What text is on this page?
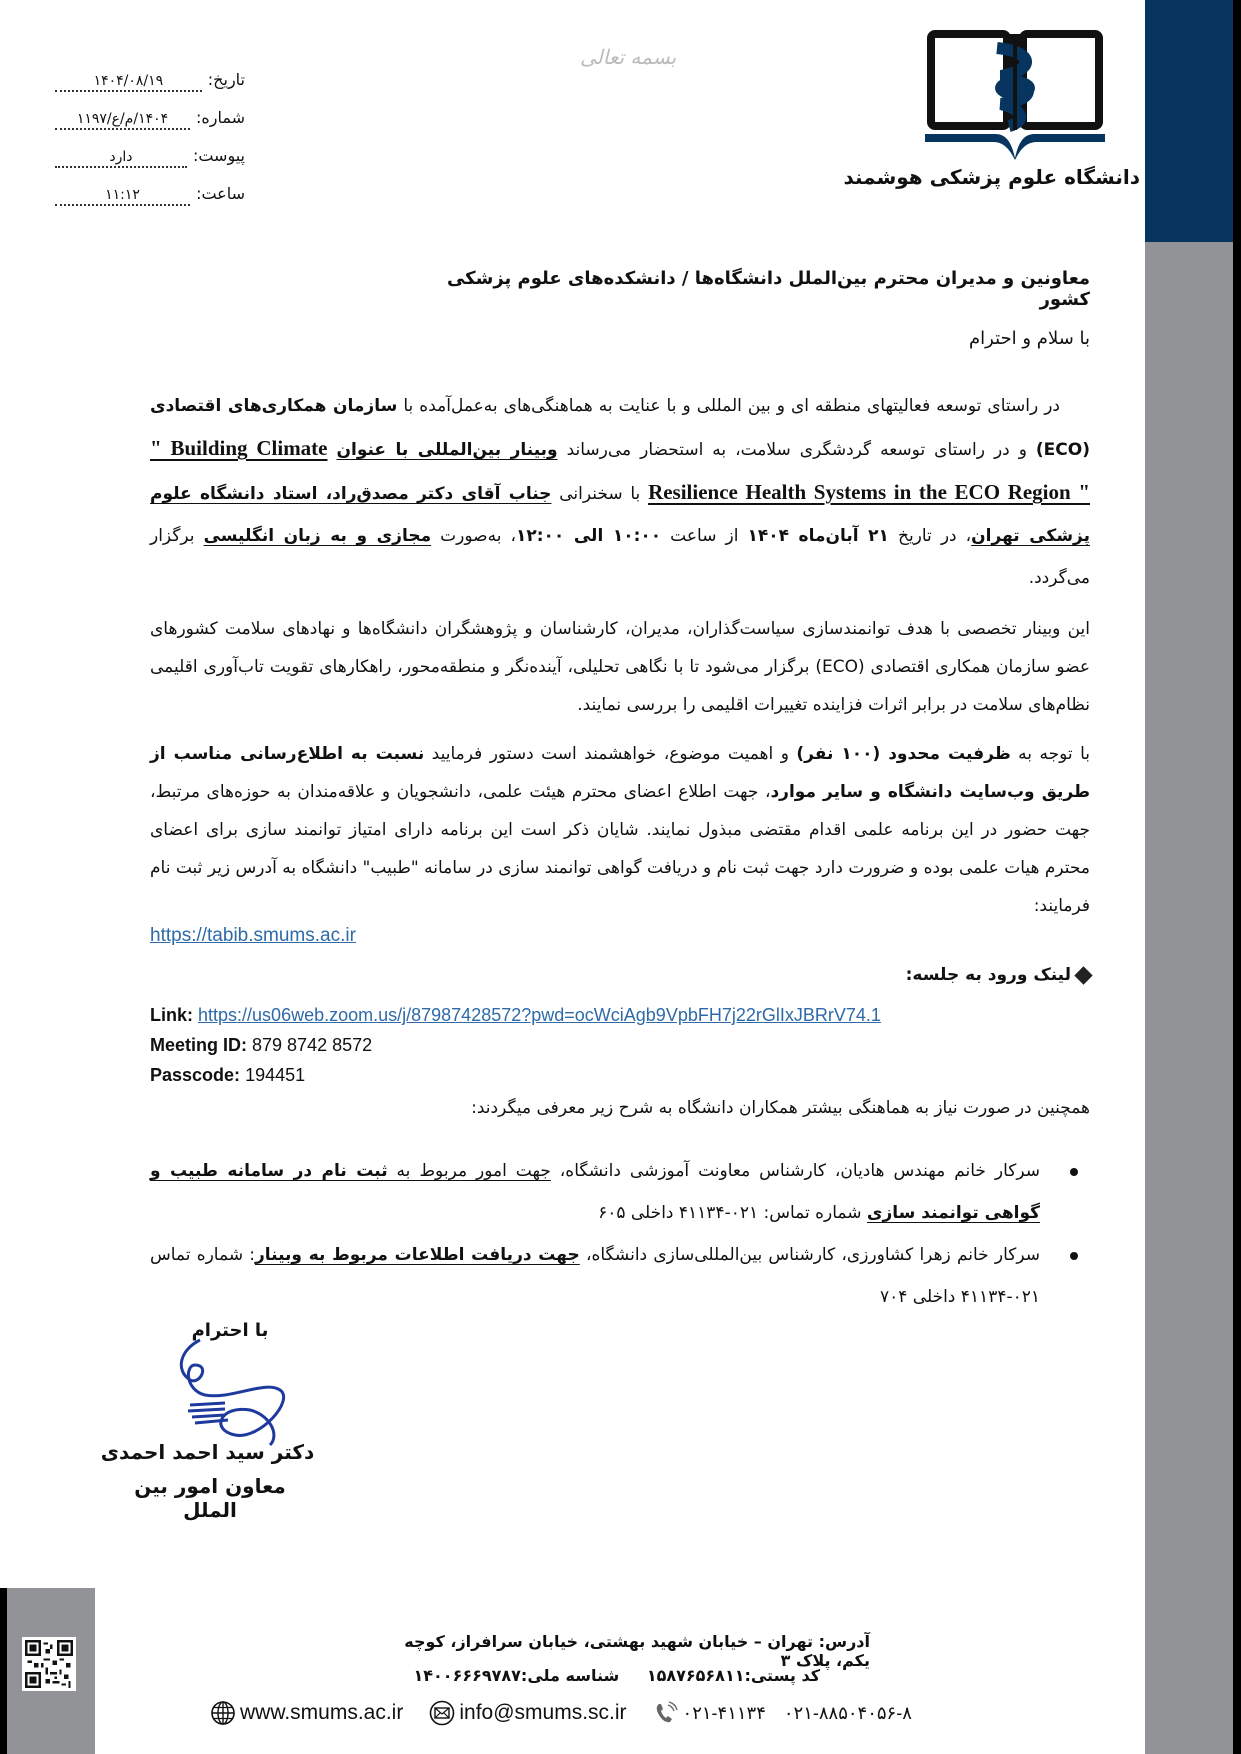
دانشگاه علوم پزشکی هوشمند
بسمه تعالی
تاریخ:
۱۴۰۴/۰۸/۱۹
شماره:
۱۴۰۴/م/ع/۱۱۹۷
پیوست:
دارد
ساعت:
۱۱:۱۲
معاونین و مدیران محترم بین‌الملل دانشگاه‌ها / دانشکده‌های علوم پزشکی کشور
با سلام و احترام
در راستای توسعه فعالیتهای منطقه ای و بین المللی و با عنایت به هماهنگی‌های به‌عمل‌آمده با سازمان همکاری‌های اقتصادی (ECO) و در راستای توسعه گردشگری سلامت، به استحضار می‌رساند وبینار بین‌المللی با عنوان " Building Climate Resilience Health Systems in the ECO Region " با سخنرانی جناب آقای دکتر مصدق‌راد، استاد دانشگاه علوم پزشکی تهران، در تاریخ ۲۱ آبان‌ماه ۱۴۰۴ از ساعت ۱۰:۰۰ الی ۱۲:۰۰، به‌صورت مجازی و به زبان انگلیسی برگزار می‌گردد.
این وبینار تخصصی با هدف توانمندسازی سیاست‌گذاران، مدیران، کارشناسان و پژوهشگران دانشگاه‌ها و نهادهای سلامت کشورهای عضو سازمان همکاری اقتصادی (ECO) برگزار می‌شود تا با نگاهی تحلیلی، آینده‌نگر و منطقه‌محور، راهکارهای تقویت تاب‌آوری اقلیمی نظام‌های سلامت در برابر اثرات فزاینده تغییرات اقلیمی را بررسی نمایند.
با توجه به ظرفیت محدود (۱۰۰ نفر) و اهمیت موضوع، خواهشمند است دستور فرمایید نسبت به اطلاع‌رسانی مناسب از طریق وب‌سایت دانشگاه و سایر موارد، جهت اطلاع اعضای محترم هیئت علمی، دانشجویان و علاقه‌مندان به حوزه‌های مرتبط، جهت حضور در این برنامه علمی اقدام مقتضی مبذول نمایند. شایان ذکر است این برنامه دارای امتیاز توانمند سازی برای اعضای محترم هیات علمی بوده و ضرورت دارد جهت ثبت نام و دریافت گواهی توانمند سازی در سامانه "طبیب" دانشگاه به آدرس زیر ثبت نام فرمایند:
https://tabib.smums.ac.ir
لینک ورود به جلسه:
Link: https://us06web.zoom.us/j/87987428572?pwd=ocWciAgb9VpbFH7j22rGlIxJBRrV74.1
Meeting ID: 879 8742 8572
Passcode: 194451
همچنین در صورت نیاز به هماهنگی بیشتر همکاران دانشگاه به شرح زیر معرفی میگردند:
سرکار خانم مهندس هادیان، کارشناس معاونت آموزشی دانشگاه، جهت امور مربوط به ثبت نام در سامانه طبیب و گواهی توانمند سازی شماره تماس: ۰۲۱-۴۱۱۳۴ داخلی ۶۰۵
سرکار خانم زهرا کشاورزی، کارشناس بین‌المللی‌سازی دانشگاه، جهت دریافت اطلاعات مربوط به وبینار: شماره تماس ۰۲۱-۴۱۱۳۴ داخلی ۷۰۴
با احترام
دکتر سید احمد احمدی
معاون امور بین الملل
آدرس: تهران – خیابان شهید بهشتی، خیابان سرافراز، کوچه یکم، پلاک ۳
کد پستی:۱۵۸۷۶۵۶۸۱۱ شناسه ملی:۱۴۰۰۶۶۶۹۷۸۷
www.smums.ac.ir	info@smums.sc.ir	۰۲۱-۴۱۱۳۴ ۰۲۱-۸۸۵۰۴۰۵۶-۸
